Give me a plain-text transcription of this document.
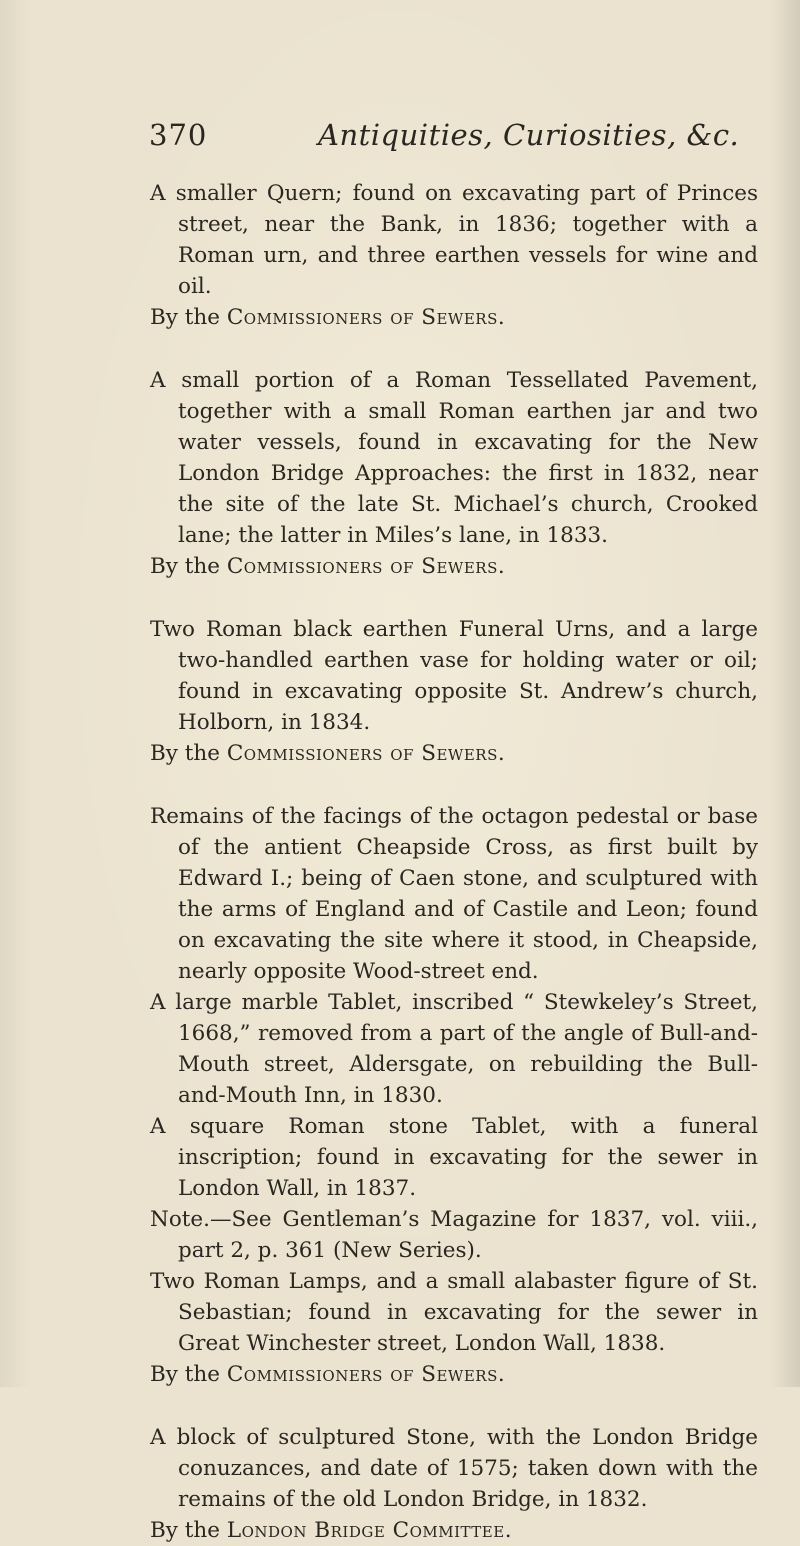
370	Antiquities, Curiosities, &c.

A smaller Quern; found on excavating part of Princes street, near the Bank, in 1836; together with a Roman urn, and three earthen vessels for wine and oil.

By the Commissioners of Sewers.

A small portion of a Roman Tessellated Pavement, together with a small Roman earthen jar and two water vessels, found in excavating for the New London Bridge Approaches: the first in 1832, near the site of the late St. Michael’s church, Crooked lane; the latter in Miles’s lane, in 1833.

By the Commissioners of Sewers.

Two Roman black earthen Funeral Urns, and a large two-handled earthen vase for holding water or oil; found in excavating opposite St. Andrew’s church, Holborn, in 1834.

By the Commissioners of Sewers.

Remains of the facings of the octagon pedestal or base of the antient Cheapside Cross, as first built by Edward I.; being of Caen stone, and sculptured with the arms of England and of Castile and Leon; found on excavating the site where it stood, in Cheapside, nearly opposite Wood-street end.

A large marble Tablet, inscribed “ Stewkeley’s Street, 1668,” removed from a part of the angle of Bull-and-Mouth street, Aldersgate, on rebuilding the Bull-and-Mouth Inn, in 1830.

A square Roman stone Tablet, with a funeral inscription; found in excavating for the sewer in London Wall, in 1837.

Note.—See Gentleman’s Magazine for 1837, vol. viii., part 2, p. 361 (New Series).

Two Roman Lamps, and a small alabaster figure of St. Sebastian; found in excavating for the sewer in Great Winchester street, London Wall, 1838.

By the Commissioners of Sewers.

A block of sculptured Stone, with the London Bridge conuzances, and date of 1575; taken down with the remains of the old London Bridge, in 1832.

By the London Bridge Committee.
